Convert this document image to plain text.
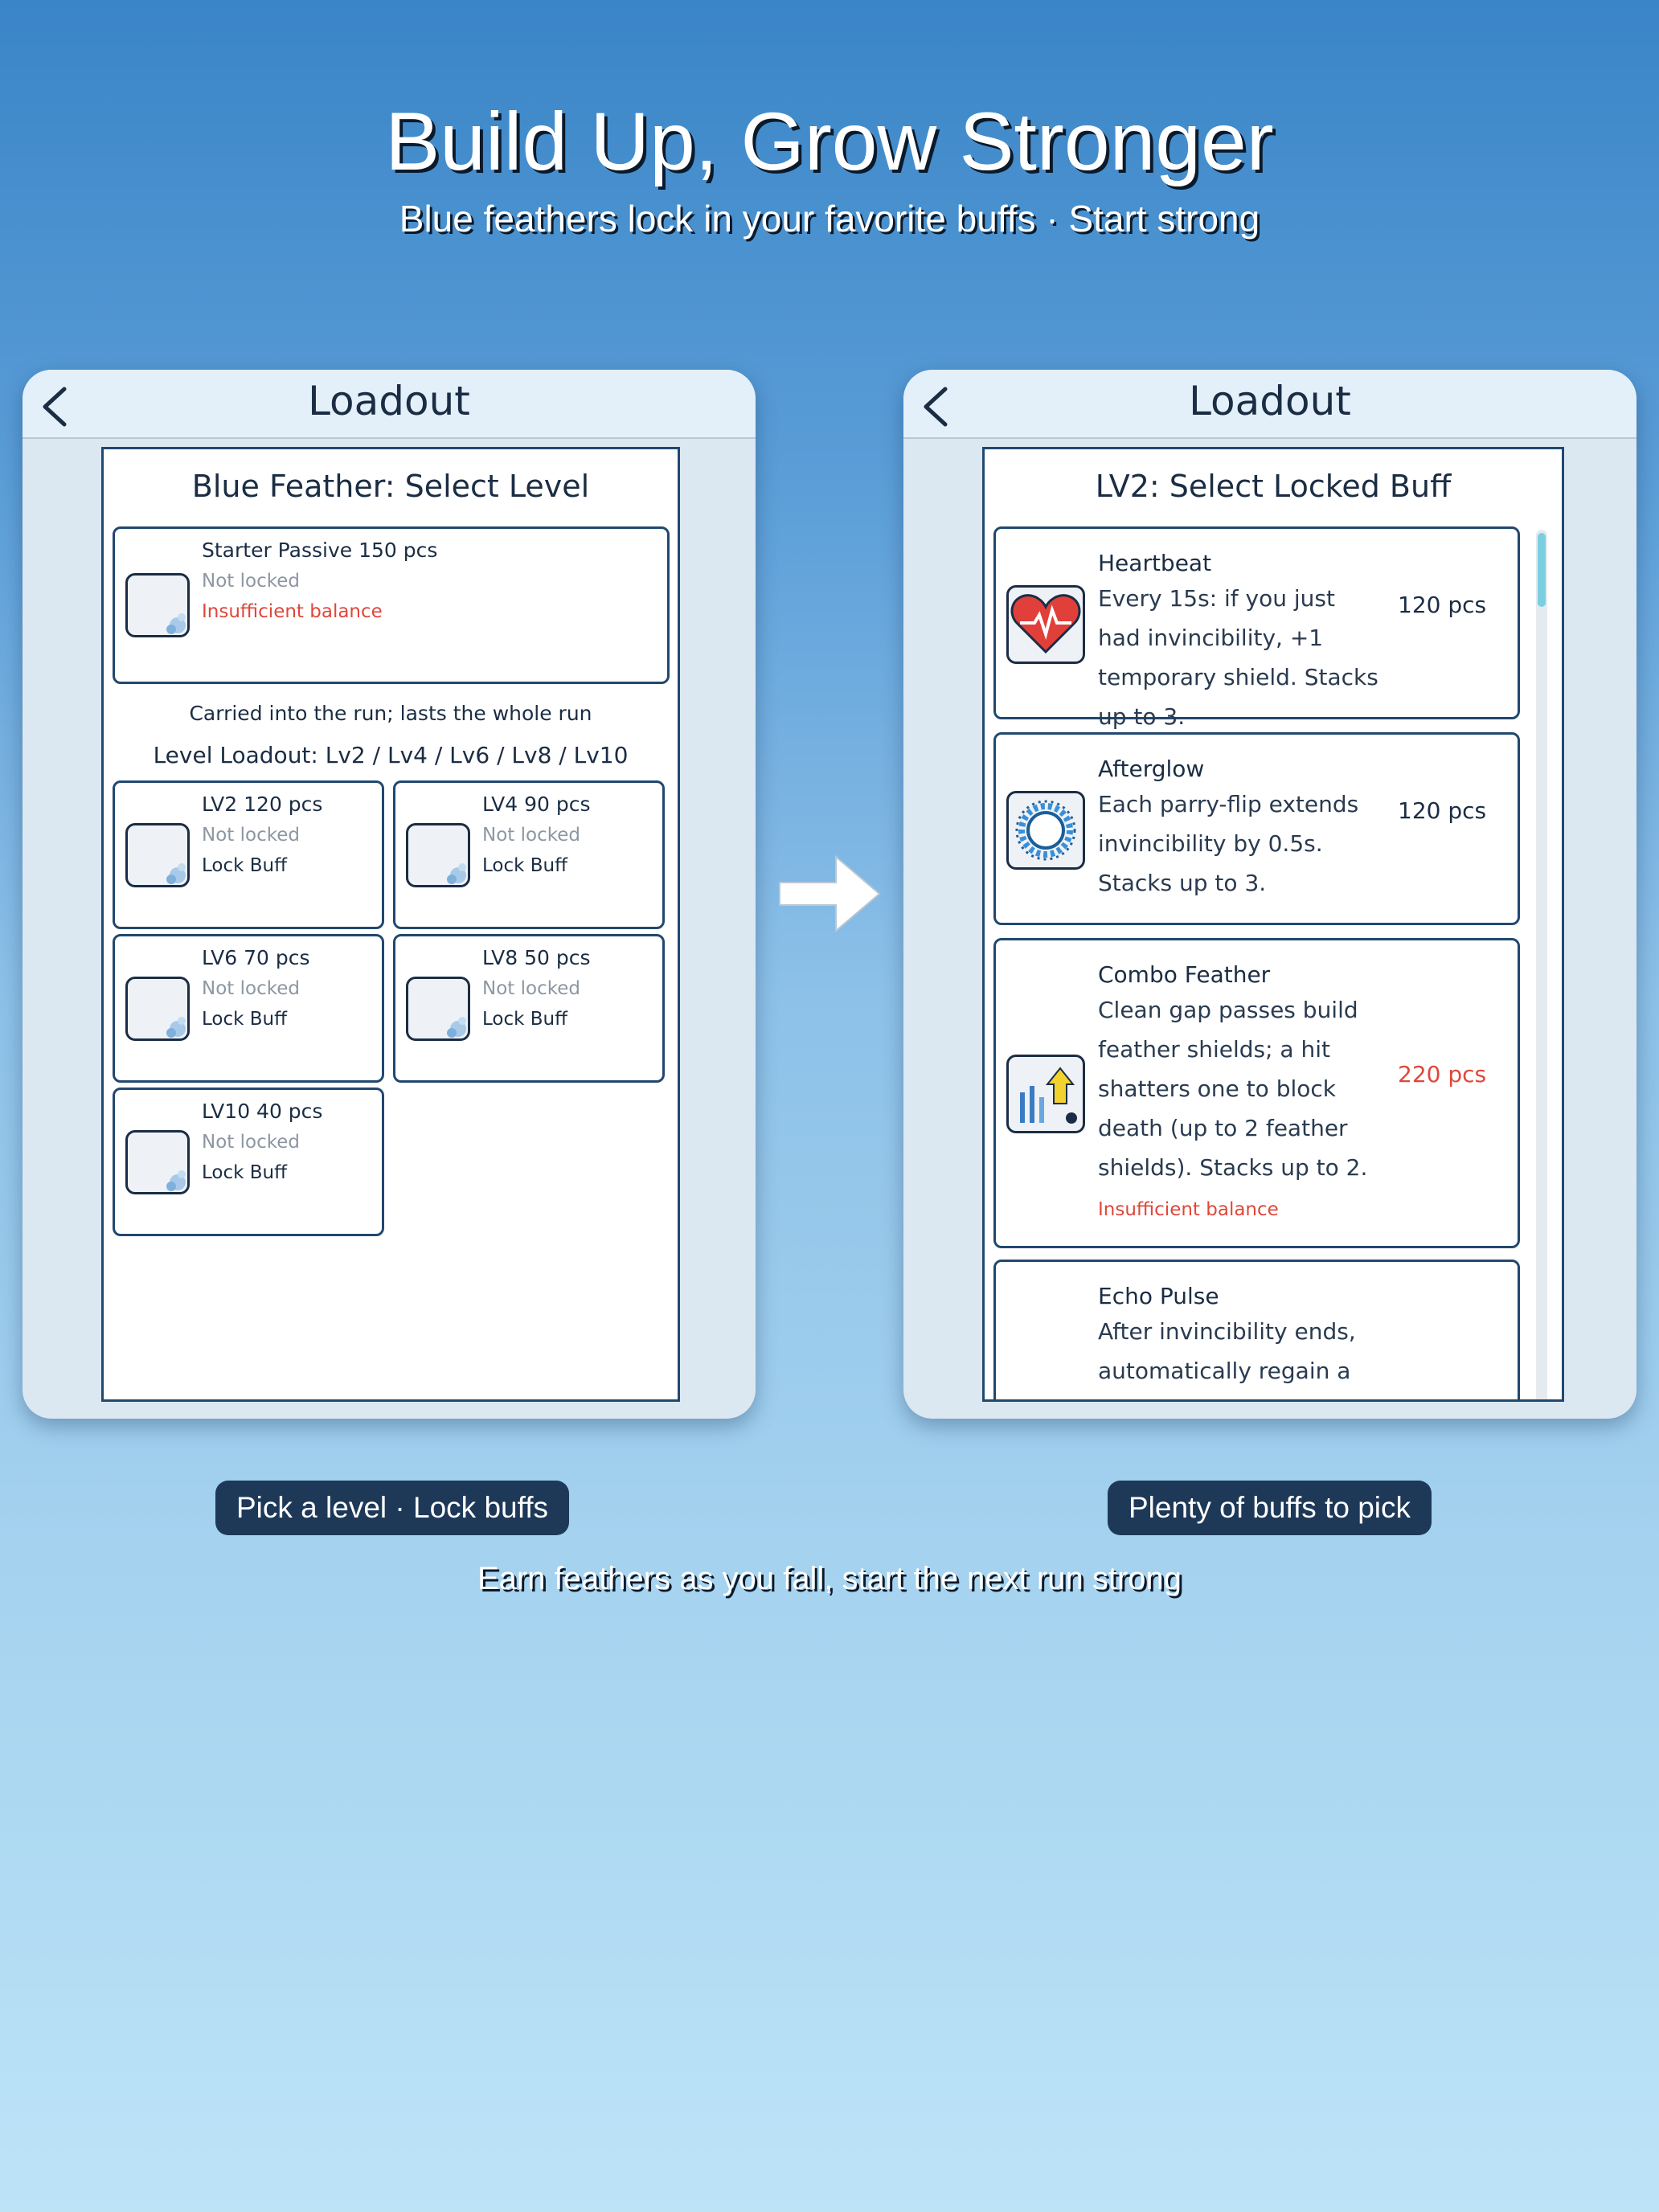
Build Up, Grow Stronger
Blue feathers lock in your favorite buffs · Start strong
Loadout
Blue Feather: Select Level
Starter Passive 150 pcs
Not locked
Insufficient balance
Carried into the run; lasts the whole run
Level Loadout: Lv2 / Lv4 / Lv6 / Lv8 / Lv10
LV2 120 pcs
Not locked
Lock Buff
LV4 90 pcs
Not locked
Lock Buff
LV6 70 pcs
Not locked
Lock Buff
LV8 50 pcs
Not locked
Lock Buff
LV10 40 pcs
Not locked
Lock Buff
Loadout
LV2: Select Locked Buff
Heartbeat
Every 15s: if you just had invincibility, +1 temporary shield. Stacks up to 3.
120 pcs
Afterglow
Each parry-flip extends invincibility by 0.5s. Stacks up to 3.
120 pcs
Combo Feather
Clean gap passes build feather shields; a hit shatters one to block death (up to 2 feather shields). Stacks up to 2.
Insufficient balance
220 pcs
Echo Pulse
After invincibility ends, automatically regain a
Pick a level · Lock buffs	Plenty of buffs to pick
Earn feathers as you fall, start the next run strong
